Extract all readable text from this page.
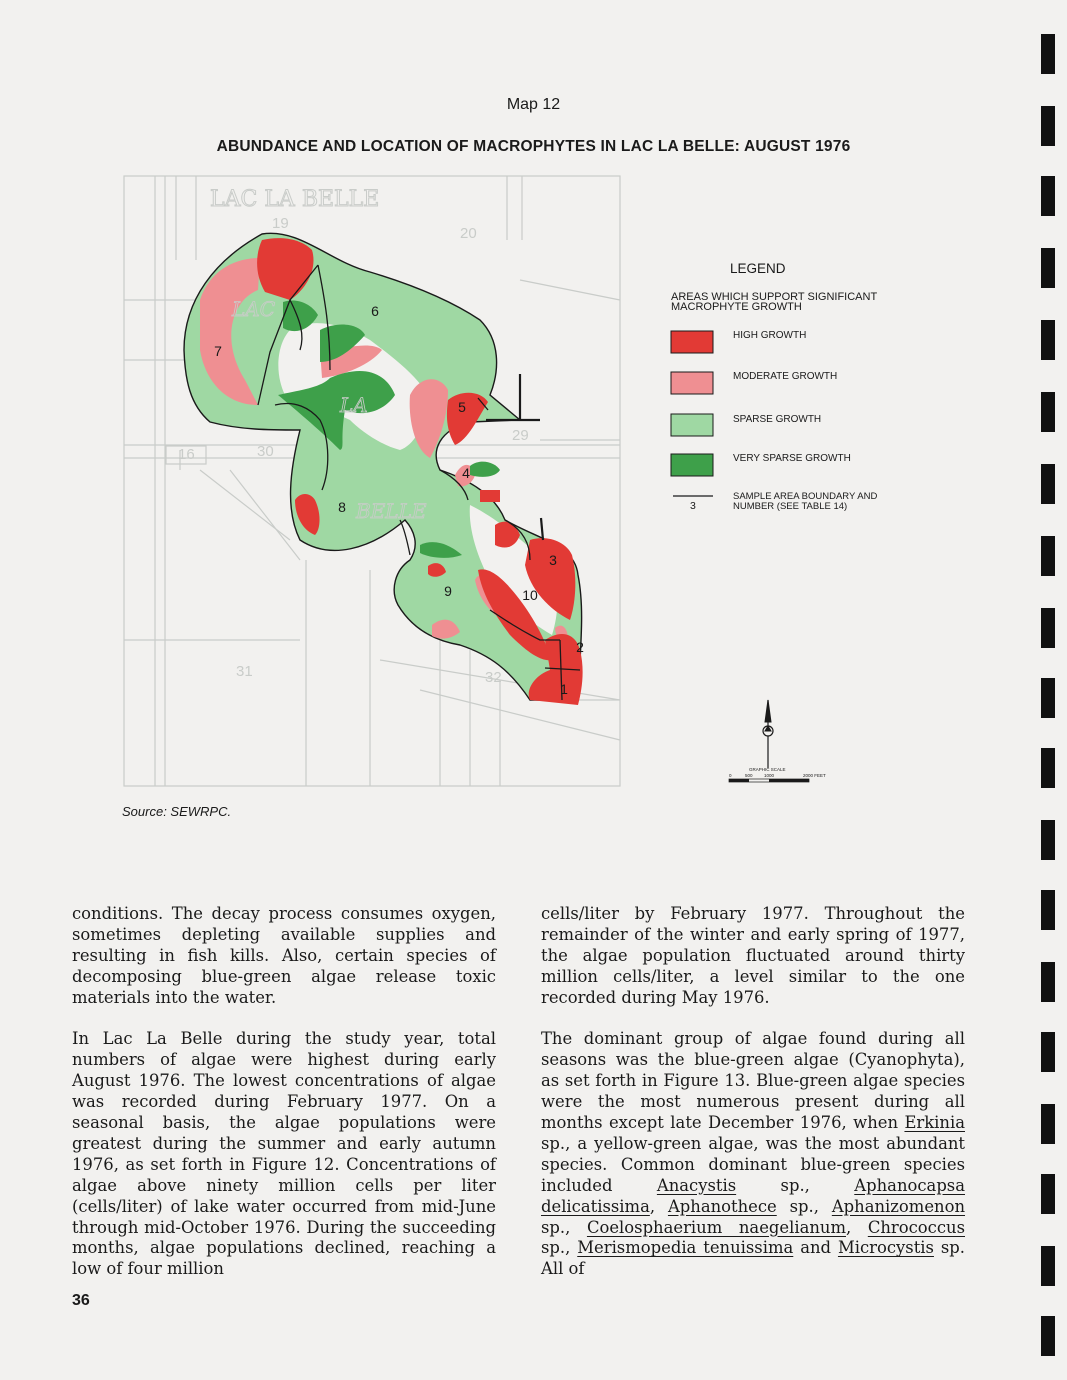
Map 12
ABUNDANCE AND LOCATION OF MACROPHYTES IN LAC LA BELLE: AUGUST 1976
LAC LA BELLE
19
20
29
30
31	32
16
1
2
3
4
5
6
7
8
9	10
LAC
LA
BELLE
LEGEND
AREAS WHICH SUPPORT SIGNIFICANT
MACROPHYTE GROWTH
HIGH GROWTH
MODERATE GROWTH
SPARSE GROWTH
VERY SPARSE GROWTH
3
SAMPLE AREA BOUNDARY AND
NUMBER (SEE TABLE 14)
GRAPHIC SCALE
0	500	1000	2000 FEET
Source: SEWRPC.

conditions. The decay process consumes oxygen, sometimes depleting available supplies and resulting in fish kills. Also, certain species of decomposing blue-green algae release toxic materials into the water.

In Lac La Belle during the study year, total numbers of algae were highest during early August 1976. The lowest concentrations of algae was recorded during February 1977. On a seasonal basis, the algae populations were greatest during the summer and early autumn 1976, as set forth in Figure 12. Concentrations of algae above ninety million cells per liter (cells/liter) of lake water occurred from mid-June through mid-October 1976. During the succeeding months, algae populations declined, reaching a low of four million

cells/liter by February 1977. Throughout the remainder of the winter and early spring of 1977, the algae population fluctuated around thirty million cells/liter, a level similar to the one recorded during May 1976.

The dominant group of algae found during all seasons was the blue-green algae (Cyanophyta), as set forth in Figure 13. Blue-green algae species were the most numerous present during all months except late December 1976, when Erkinia sp., a yellow-green algae, was the most abundant species. Common dominant blue-green species included Anacystis sp., Aphanocapsa delicatissima, Aphanothece sp., Aphanizomenon sp., Coelosphaerium naegelianum, Chrococcus sp., Merismopedia tenuissima and Microcystis sp. All of

36
